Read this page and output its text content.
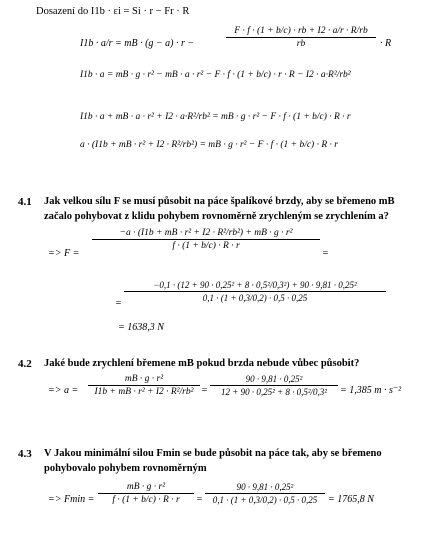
Dosazení do I1b · εi = Si · r − Fr · R
I1b · a/r = mB · (g − a) · r −
F · f · (1 + b/c) · rb + I2 · a/r · R/rb
rb	· R
I1b · a = mB · g · r² − mB · a · r² − F · f · (1 + b/c) · r · R − I2 · a·R²/rb²
I1b · a + mB · a · r² + I2 · a·R²/rb² = mB · g · r² − F · f · (1 + b/c) · R · r
a · (I1b + mB · r² + I2 · R²/rb²) = mB · g · r² − F · f · (1 + b/c) · R · r
4.1 Jak velkou sílu F se musí působit na páce špalíkové brzdy, aby se břemeno mB
začalo pohybovat z klidu pohybem rovnoměrně zrychleným se zrychlením a?
=> F =
−a · (I1b + mB · r² + I2 · R²/rb²) + mB · g · r²
f · (1 + b/c) · R · r
=
=
−0,1 · (12 + 90 · 0,25² + 8 · 0,5²/0,3²) + 90 · 9,81 · 0,25²
0,1 · (1 + 0,3/0,2) · 0,5 · 0,25
= 1638,3 N
4.2 Jaké bude zrychlení břemene mB pokud brzda nebude vůbec působit?
=> a =
mB · g · r²
I1b + mB · r² + I2 · R²/rb² =
90 · 9,81 · 0,25²
12 + 90 · 0,25² + 8 · 0,5²/0,3²	= 1,385 m · s⁻²
4.3 V Jakou minimální silou Fmin se bude působit na páce tak, aby se břemeno
pohybovalo pohybem rovnoměrným
=> Fmin =
mB · g · r²
f · (1 + b/c) · R · r	=
90 · 9,81 · 0,25²
0,1 · (1 + 0,3/0,2) · 0,5 · 0,25	= 1765,8 N
